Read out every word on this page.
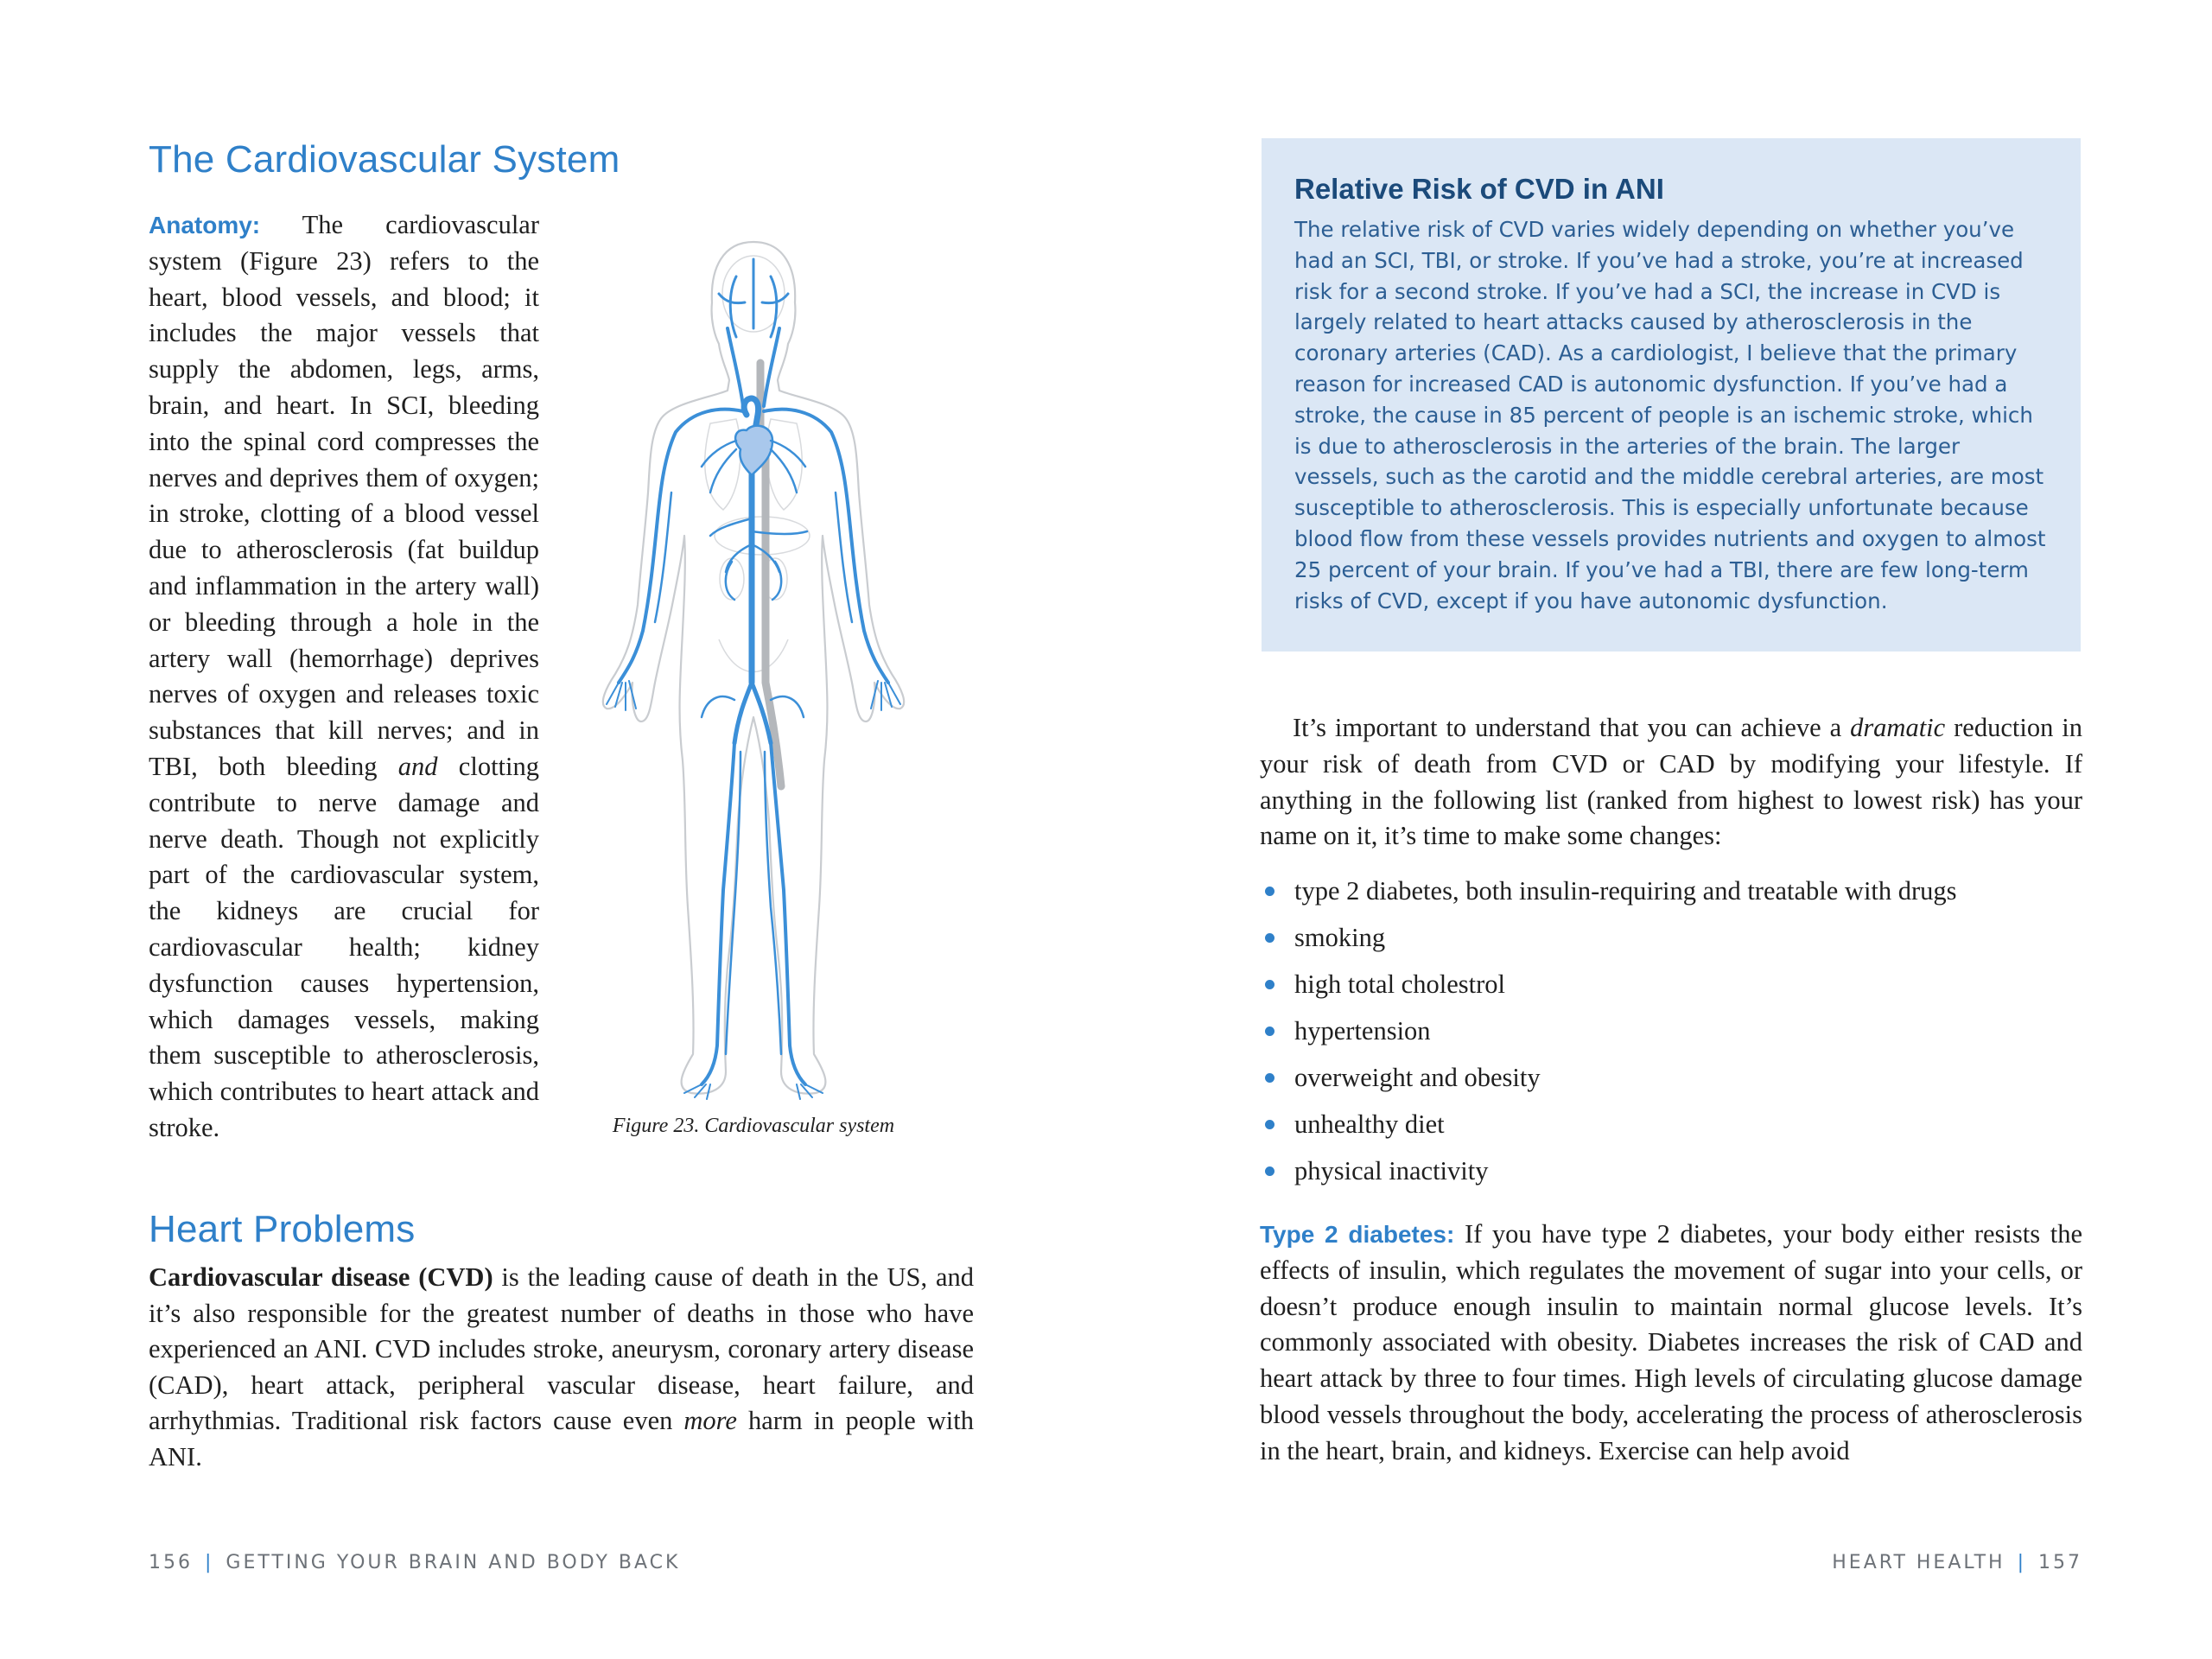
The Cardiovascular System

Anatomy: The cardiovascular system (Figure 23) refers to the heart, blood vessels, and blood; it includes the major vessels that supply the abdomen, legs, arms, brain, and heart. In SCI, bleeding into the spinal cord compresses the nerves and deprives them of oxygen; in stroke, clotting of a blood vessel due to atherosclerosis (fat buildup and inflammation in the artery wall) or bleeding through a hole in the artery wall (hemorrhage) deprives nerves of oxygen and releases toxic substances that kill nerves; and in TBI, both bleeding and clotting contribute to nerve damage and nerve death. Though not explicitly part of the cardiovascular system, the kidneys are crucial for cardiovascular health; kidney dysfunction causes hypertension, which damages vessels, making them susceptible to atherosclerosis, which contributes to heart attack and stroke.	Figure 23. Cardiovascular system

Heart Problems

Cardiovascular disease (CVD) is the leading cause of death in the US, and it’s also responsible for the greatest number of deaths in those who have experienced an ANI. CVD includes stroke, aneurysm, coronary artery disease (CAD), heart attack, peripheral vascular disease, heart failure, and arrhythmias. Traditional risk factors cause even more harm in people with ANI.

156 | GETTING YOUR BRAIN AND BODY BACK
Relative Risk of CVD in ANI

The relative risk of CVD varies widely depending on whether you’ve had an SCI, TBI, or stroke. If you’ve had a stroke, you’re at increased risk for a second stroke. If you’ve had a SCI, the increase in CVD is largely related to heart attacks caused by atherosclerosis in the coronary arteries (CAD). As a cardiologist, I believe that the primary reason for increased CAD is autonomic dysfunction. If you’ve had a stroke, the cause in 85 percent of people is an ischemic stroke, which is due to atherosclerosis in the arteries of the brain. The larger vessels, such as the carotid and the middle cerebral arteries, are most susceptible to atherosclerosis. This is especially unfortunate because blood flow from these vessels provides nutrients and oxygen to almost 25 percent of your brain. If you’ve had a TBI, there are few long-term risks of CVD, except if you have autonomic dysfunction.

It’s important to understand that you can achieve a dramatic reduction in your risk of death from CVD or CAD by modifying your lifestyle. If anything in the following list (ranked from highest to lowest risk) has your name on it, it’s time to make some changes:

type 2 diabetes, both insulin-requiring and treatable with drugs
smoking
high total cholestrol
hypertension
overweight and obesity
unhealthy diet
physical inactivity

Type 2 diabetes: If you have type 2 diabetes, your body either resists the effects of insulin, which regulates the movement of sugar into your cells, or doesn’t produce enough insulin to maintain normal glucose levels. It’s commonly associated with obesity. Diabetes increases the risk of CAD and heart attack by three to four times. High levels of circulating glucose damage blood vessels throughout the body, accelerating the process of atherosclerosis in the heart, brain, and kidneys. Exercise can help avoid

HEART HEALTH | 157
